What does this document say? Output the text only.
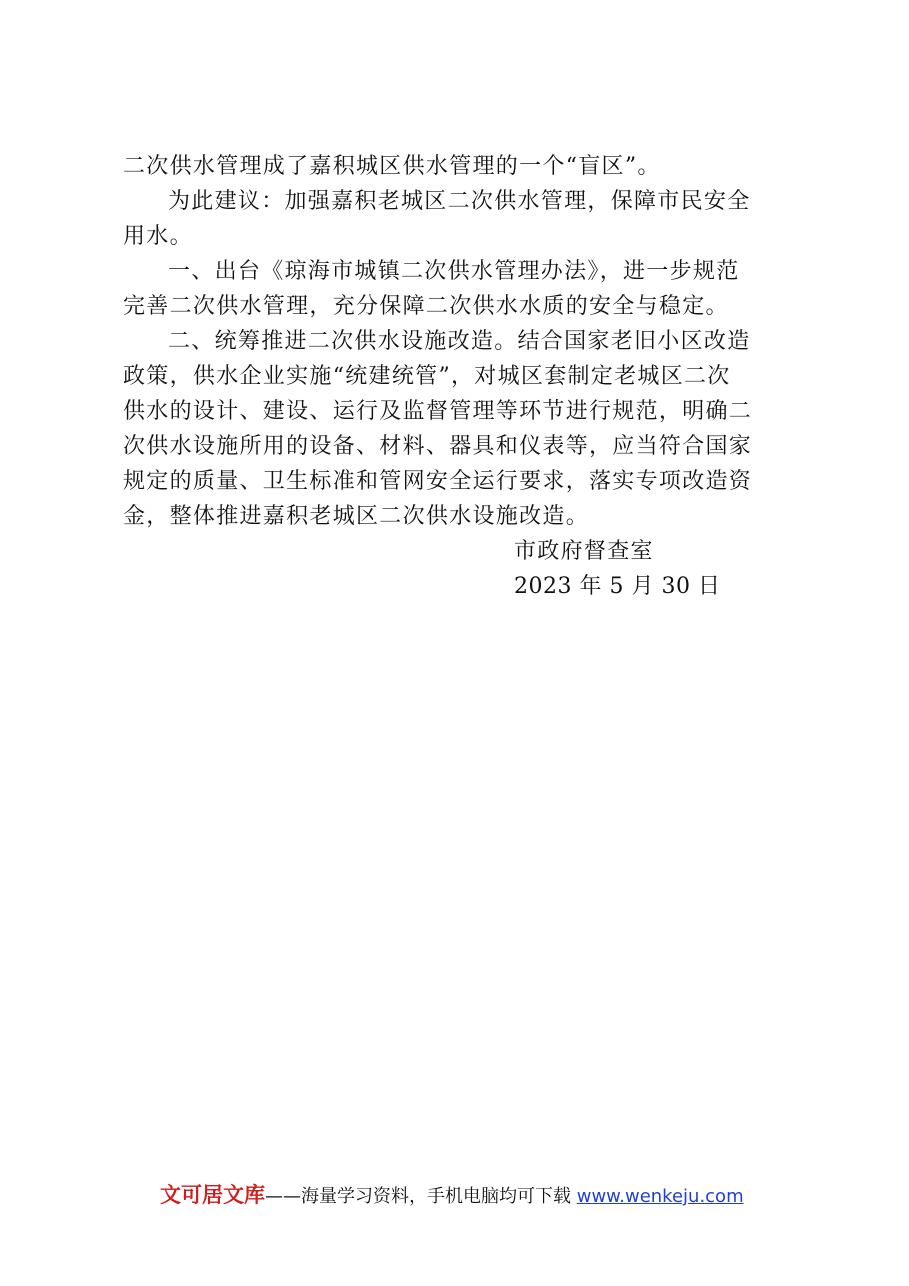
二次供水管理成了嘉积城区供水管理的一个“盲区”。
为此建议：加强嘉积老城区二次供水管理，保障市民安全
用水。
一、出台《琼海市城镇二次供水管理办法》，进一步规范
完善二次供水管理，充分保障二次供水水质的安全与稳定。
二、统筹推进二次供水设施改造。结合国家老旧小区改造
政策，供水企业实施“统建统管”，对城区套制定老城区二次
供水的设计、建设、运行及监督管理等环节进行规范，明确二
次供水设施所用的设备、材料、器具和仪表等，应当符合国家
规定的质量、卫生标准和管网安全运行要求，落实专项改造资
金，整体推进嘉积老城区二次供水设施改造。
市政府督查室
2023 年 5 月 30 日
文可居文库——海量学习资料，手机电脑均可下载 www.wenkeju.com
